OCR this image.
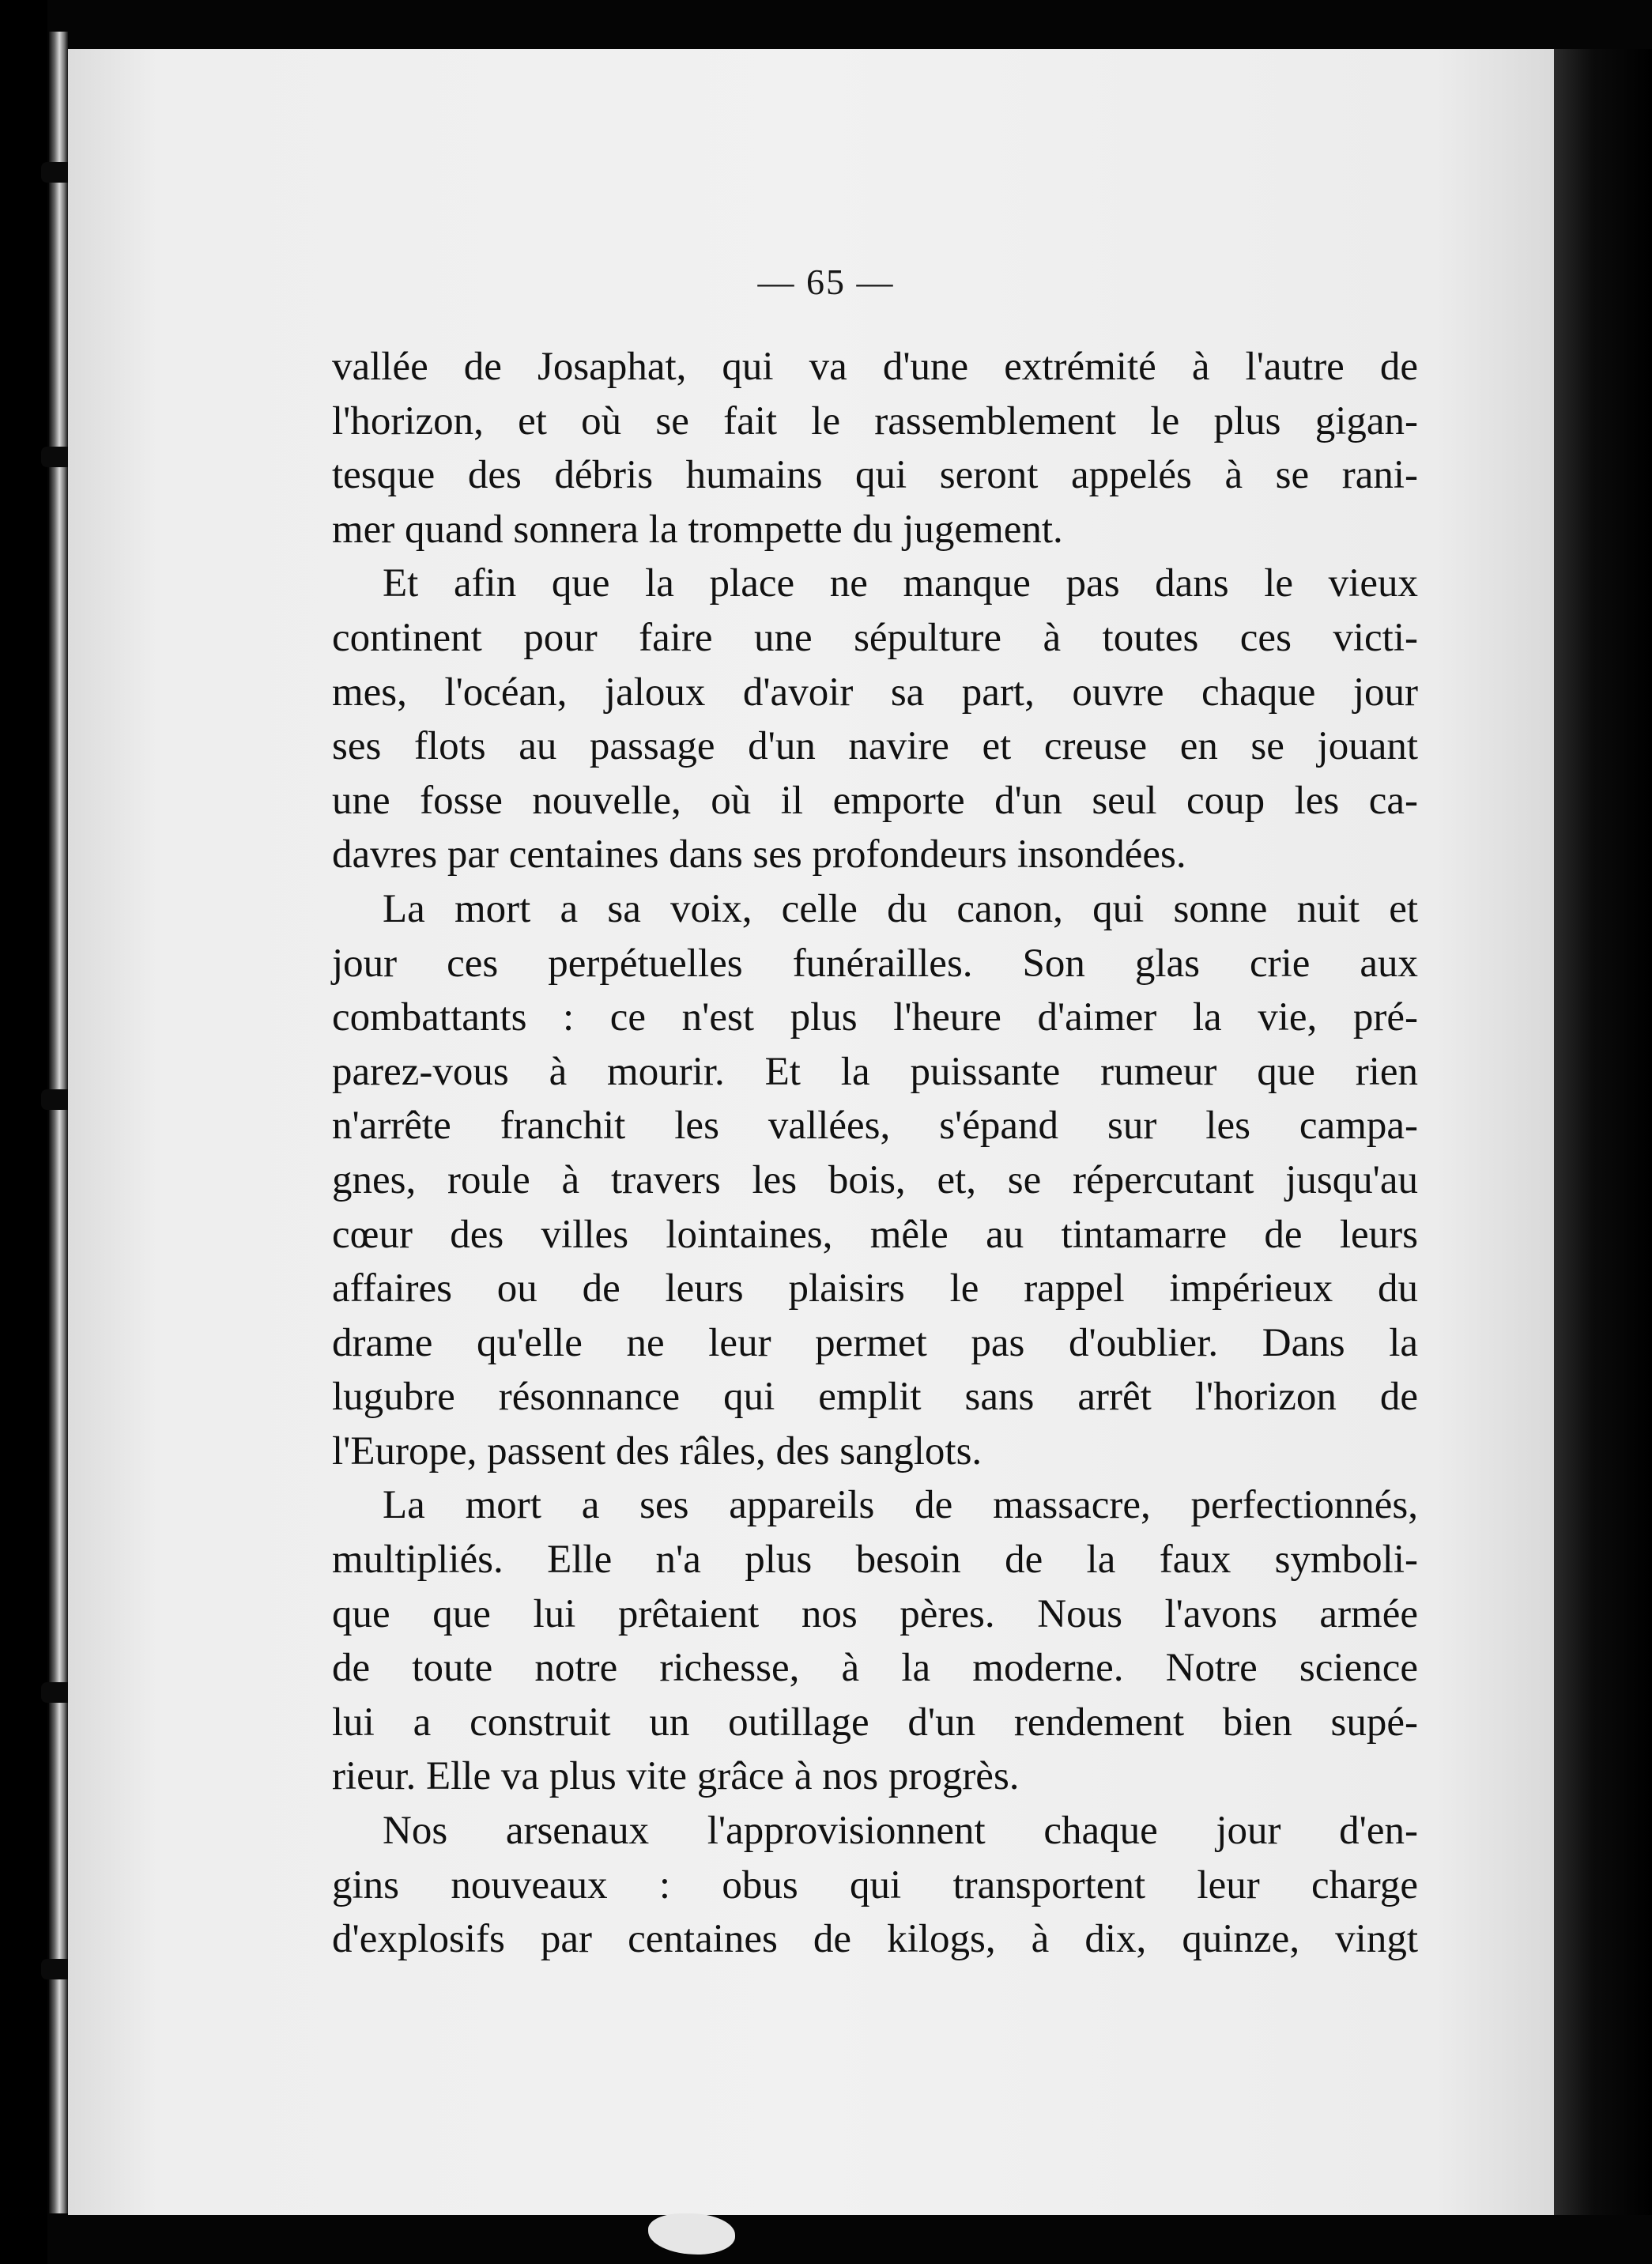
— 65 —
vallée de Josaphat, qui va d'une extrémité à l'autre de
l'horizon, et où se fait le rassemblement le plus gigan-
tesque des débris humains qui seront appelés à se rani-
mer quand sonnera la trompette du jugement.
Et afin que la place ne manque pas dans le vieux
continent pour faire une sépulture à toutes ces victi-
mes, l'océan, jaloux d'avoir sa part, ouvre chaque jour
ses flots au passage d'un navire et creuse en se jouant
une fosse nouvelle, où il emporte d'un seul coup les ca-
davres par centaines dans ses profondeurs insondées.
La mort a sa voix, celle du canon, qui sonne nuit et
jour ces perpétuelles funérailles. Son glas crie aux
combattants : ce n'est plus l'heure d'aimer la vie, pré-
parez-vous à mourir. Et la puissante rumeur que rien
n'arrête franchit les vallées, s'épand sur les campa-
gnes, roule à travers les bois, et, se répercutant jusqu'au
cœur des villes lointaines, mêle au tintamarre de leurs
affaires ou de leurs plaisirs le rappel impérieux du
drame qu'elle ne leur permet pas d'oublier. Dans la
lugubre résonnance qui emplit sans arrêt l'horizon de
l'Europe, passent des râles, des sanglots.
La mort a ses appareils de massacre, perfectionnés,
multipliés. Elle n'a plus besoin de la faux symboli-
que que lui prêtaient nos pères. Nous l'avons armée
de toute notre richesse, à la moderne. Notre science
lui a construit un outillage d'un rendement bien supé-
rieur. Elle va plus vite grâce à nos progrès.
Nos arsenaux l'approvisionnent chaque jour d'en-
gins nouveaux : obus qui transportent leur charge
d'explosifs par centaines de kilogs, à dix, quinze, vingt
